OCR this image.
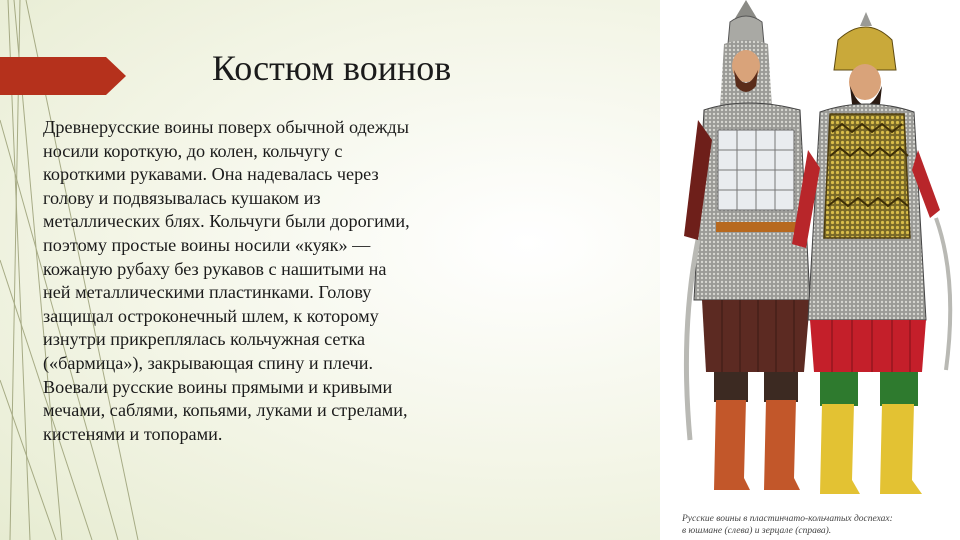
Костюм воинов
Древнерусские воины поверх обычной одежды носили короткую, до колен, кольчугу с короткими рукавами. Она надевалась через голову и подвязывалась кушаком из металлических блях. Кольчуги были дорогими, поэтому простые воины носили «куяк» — кожаную рубаху без рукавов с нашитыми на ней металлическими пластинками. Голову защищал остроконечный шлем, к которому изнутри прикреплялась кольчужная сетка («бармица»), закрывающая спину и плечи. Воевали русские воины прямыми и кривыми мечами, саблями, копьями, луками и стрелами, кистенями и топорами.
Русские воины в пластинчато-кольчатых доспехах:
в юшмане (слева) и зерцале (справа).
